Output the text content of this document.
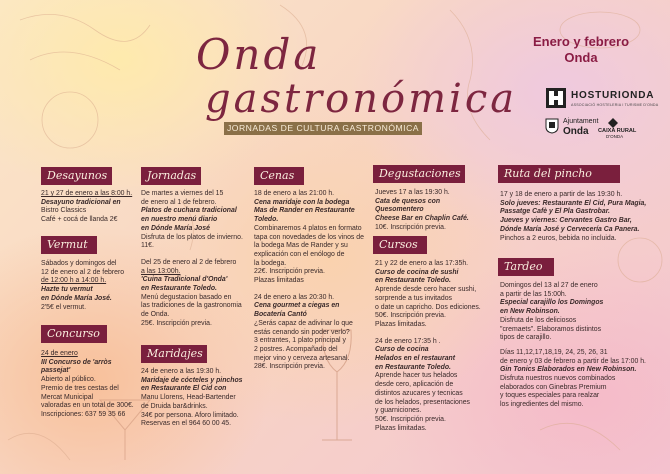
Onda
gastronómica
JORNADAS DE CULTURA GASTRONÓMICA
Enero y febrero
Onda
HOSTURIONDA
ASSOCIACIÓ HOSTELERIA I TURISME D'ONDA
Ajuntament
Onda CAIXA RURAL
D'ONDA
Desayunos

21 y 27 de enero a las 8:00 h.

Desayuno tradicional en

Bistro Classics

Café + cocá de llanda 2€

Vermut

Sábados y domingos del

12 de enero al 2 de febrero

de 12:00 h a 14:00 h.

Hazte tu vermut

en Dónde María José.

2'5€ el vermut.

Concurso

24 de enero

III Concurso de 'arròs

passejat'

Abierto al público.

Premio de tres cestas del

Mercat Municipal

valoradas en un total de 300€.

Inscripciones: 637 59 35 66

Jornadas

De martes a viernes del 15

de enero al 1 de febrero.

Platos de cuchara tradicional

en nuestro menú diario

en Dónde María José

Disfruta de los platos de invierno.

11€.

Del 25 de enero al 2 de febrero

a las 13:00h.

'Cuina Tradicional d'Onda'

en Restaurante Toledo.

Menú degustacion basado en

las tradiciones de la gastronomia

de Onda.

25€. Inscripción previa.

Maridajes

24 de enero a las 19:30 h.

Maridaje de cócteles y pinchos

en Restaurante El Cid con

Manu Llorens, Head-Bartender

de Druida bar&drinks.

34€ por persona. Aforo limitado.

Reservas en el 964 60 00 45.

Cenas

18 de enero a las 21:00 h.

Cena maridaje con la bodega

Mas de Rander en Restaurante

Toledo.

Combinaremos 4 platos en formato

tapa con novedades de los vinos de

la bodega Mas de Rander y su

explicación con el enólogo de

la bodega.

22€. Inscripción previa.

Plazas limitadas

24 de enero a las 20:30 h.

Cena gourmet a ciegas en

Bocatería Cantó

¿Serás capaz de adivinar lo que

estás cenando sin poder verlo?

3 entrantes, 1 plato principal y

2 postres. Acompañado del

mejor vino y cerveza artesanal.

28€. Inscripción previa.

Degustaciones

Jueves 17 a las 19:30 h.

Cata de quesos con Quesomentero

Cheese Bar en Chaplin Café.

10€. Inscripción previa.

Cursos

21 y 22 de enero a las 17:35h.

Curso de cocina de sushi

en Restaurante Toledo.

Aprende desde cero hacer sushi,

sorprende a tus invitados

o date un capricho. Dos ediciones.

50€. Inscripción previa.

Plazas limitadas.

24 de enero 17:35 h .

Curso de cocina

Helados en el restaurant

en Restaurante Toledo.

Aprende hacer tus helados

desde cero, aplicación de

distintos azucares y tecnicas

de los helados, presentaciones

y guarniciones.

50€. Inscripción previa.

Plazas limitadas.

Ruta del pincho

17 y 18 de enero a partir de las 19:30 h.

Solo jueves: Restaurante El Cid, Pura Magia,

Passatge Cafè y El Pla Gastrobar.

Jueves y viernes: Cervantes Gastro Bar,

Dónde María José y Cervecería Ca Panera.

Pinchos a 2 euros, bebida no incluida.

Tardeo

Domingos del 13 al 27 de enero

a partir de las 15:00h.

Especial carajillo los Domingos

en New Robinson.

Disfruta de los deliciosos

"cremaets". Elaboramos distintos

tipos de carajillo.

Días 11,12,17,18,19, 24, 25, 26, 31

de enero y 03 de febrero a partir de las 17:00 h.

Gin Tonics Elaborados en New Robinson.

Disfruta nuestros nuevos combinados

elaborados con Ginebras Premium

y toques especiales para realzar

los ingredientes del mismo.
